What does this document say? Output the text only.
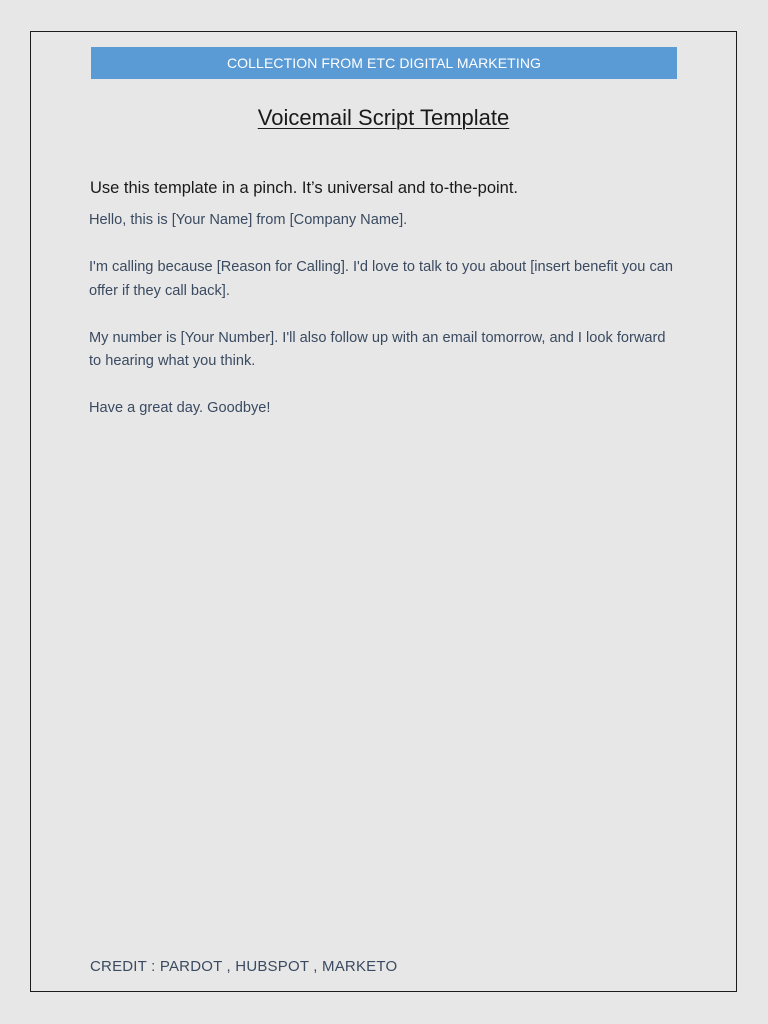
COLLECTION FROM ETC DIGITAL MARKETING
Voicemail Script Template
Use this template in a pinch. It’s universal and to-the-point.

Hello, this is [Your Name] from [Company Name].

I'm calling because [Reason for Calling]. I'd love to talk to you about [insert benefit you can offer if they call back].

My number is [Your Number]. I'll also follow up with an email tomorrow, and I look forward to hearing what you think.

Have a great day. Goodbye!

CREDIT : PARDOT , HUBSPOT , MARKETO
